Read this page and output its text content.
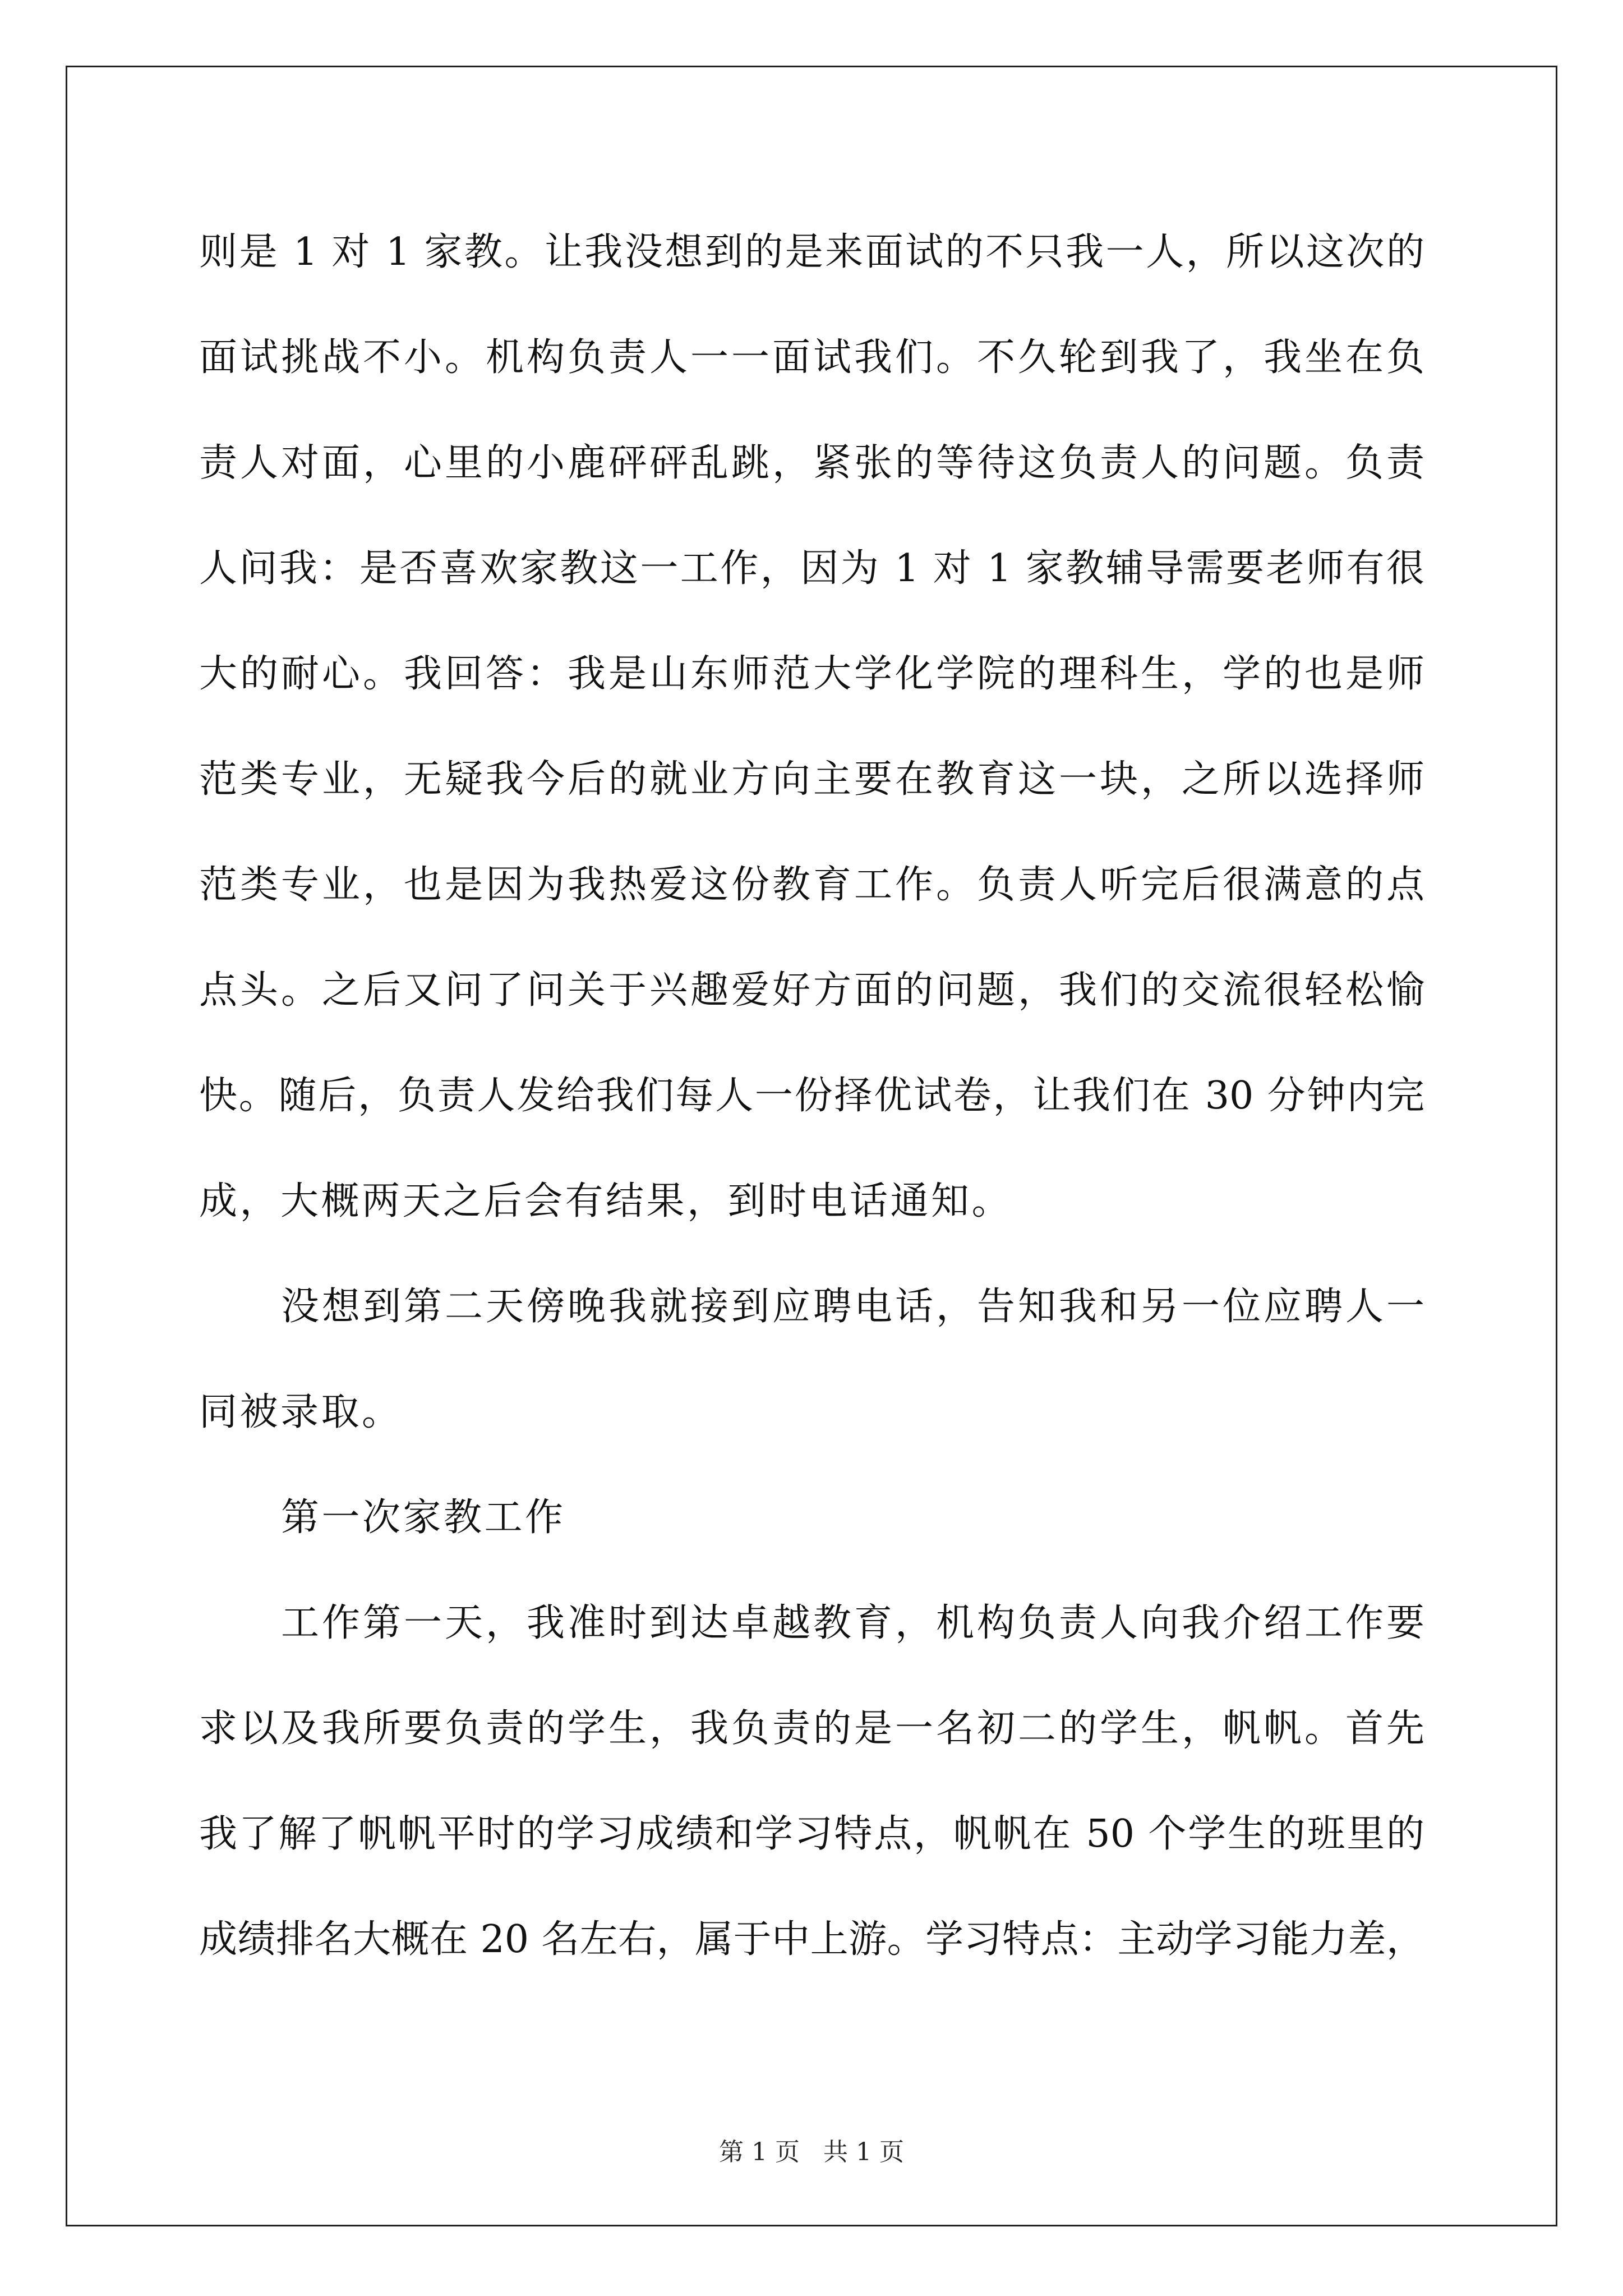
则是 1 对 1 家教。让我没想到的是来面试的不只我一人，所以这次的
面试挑战不小。机构负责人一一面试我们。不久轮到我了，我坐在负
责人对面，心里的小鹿砰砰乱跳，紧张的等待这负责人的问题。负责
人问我：是否喜欢家教这一工作，因为 1 对 1 家教辅导需要老师有很
大的耐心。我回答：我是山东师范大学化学院的理科生，学的也是师
范类专业，无疑我今后的就业方向主要在教育这一块，之所以选择师
范类专业，也是因为我热爱这份教育工作。负责人听完后很满意的点
点头。之后又问了问关于兴趣爱好方面的问题，我们的交流很轻松愉
快。随后，负责人发给我们每人一份择优试卷，让我们在 30 分钟内完
成，大概两天之后会有结果，到时电话通知。
没想到第二天傍晚我就接到应聘电话，告知我和另一位应聘人一
同被录取。
第一次家教工作
工作第一天，我准时到达卓越教育，机构负责人向我介绍工作要
求以及我所要负责的学生，我负责的是一名初二的学生，帆帆。首先
我了解了帆帆平时的学习成绩和学习特点，帆帆在 50 个学生的班里的
成绩排名大概在 20 名左右，属于中上游。学习特点：主动学习能力差，
第 1 页   共 1 页
